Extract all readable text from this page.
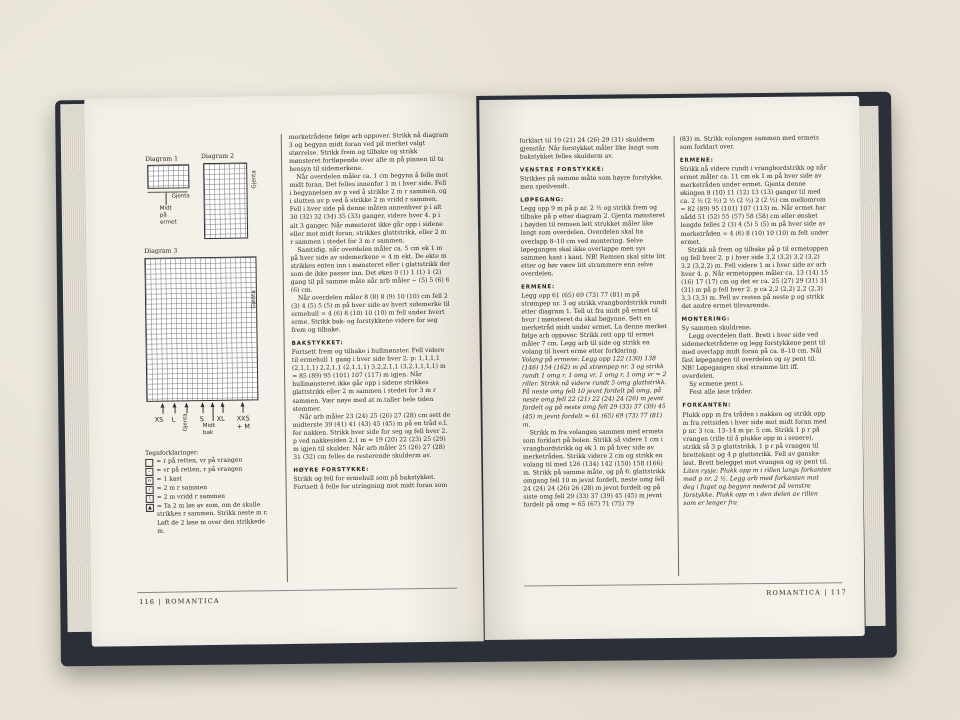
Diagram 1
Gjenta
Midt
på
ermet
Diagram 2
Gjenta
Diagram 3
Gjenta
XS L Gjenta S XL XXS
+ M
Midt
bak
Tegnforklaringer:
= r på retten, vr på vrangen
– = vr på retten, r på vrangen
o = 1 kast
/	= 2 m r sammen
\	= 2 m vridd r sammen
▲ = Ta 2 m løs av som, om de skulle strikkes r sammen. Strikk neste m r. Løft de 2 løse m over den strikkede m.

merketrådene følge arb oppover. Strikk nå diagram 3 og begynn midt foran ved pil merket valgt størrelse. Strikk frem og tilbake og strikk mønsteret fortløpende over alle m på pinnen til ta hensyn til sidemerkene.

Når overdelen måler ca. 1 cm begynn å felle mot midt foran. Det felles innenfor 1 m i hver side. Fell i begynnelsen av p ved å strikke 2 m r sammen, og i slutten av p ved å strikke 2 m vridd r sammen. Fell i hver side på denne måten annenhver p i alt 30 (32) 32 (34) 35 (33) ganger, videre hver 4. p i alt 3 ganger. Når mønsteret ikke går opp i sidene eller mot midt foran, strikkes glattstrikk, eller 2 m r sammen i stedet for 3 m r sammen.

Samtidig, når overdelen måler ca. 5 cm ek 1 m på hver side av sidemerkene = 4 m ekt. De ekte m strikkes enten inn i mønsteret eller i glattstrikk der som de ikke passer inn. Det økes 0 (1) 1 (1) 1 (2) gang til på samme måte når arb måler ~ (5) 5 (6) 6 (6) cm.

Når overdelen måler 8 (8) 8 (9) 10 (10) cm fell 2 (3) 4 (5) 5 (5) m på hver side av hvert sidemerke til ermehull = 4 (6) 8 (10) 10 (10) m fell under hvert erme. Strikk bak- og forstykkene videre for seg frem og tilbake.

BAKSTYKKET:

Fortsett frem og tilbake i hullmønster. Fell videre til ermehull 1 gang i hver side hver 2. p: 1,1,1,1 (2,1,1,1) 2,2,1,1 (2,1,1,1) 3,2,2,1,1 (3,2,1,1,1,1) m = 85 (89) 95 (101) 107 (117) m igjen. Når hullmønsteret ikke går opp i sidene strikkes glattstrikk eller 2 m sammen i stedet for 3 m r sammen. Vær nøye med at m.taller hele tiden stemmer.

Når arb måler 23 (24) 25 (26) 27 (28) cm sett de midterste 39 (41) 41 (43) 45 (45) m på en tråd e.l. for nakken. Strikk hver side for seg og fell hver 2. p ved nakkesiden 2,1 m = 19 (20) 22 (23) 25 (29) m igjen til skulder. Når arb måler 25 (26) 27 (28) 31 (32) cm felles de resterende skulderm av.

HØYRE FORSTYKKE:

Strikk og fell for ermehull som på bakstykket. Fortsett å felle for utringning mot midt foran som

116 | ROMANTICA

forklart til 19 (21) 24 (26) 29 (31) skulderm gjenstår. Når forstykket måler like langt som bakstykket felles skulderm av.

VENSTRE FORSTYKKE:

Strikkes på samme måte som høyre forstykke, men speilvendt.

LØPEGANG:

Legg opp 9 m på p nr. 2 ½ og strikk frem og tilbake på p etter diagram 2. Gjenta mønsteret i høyden til remsen lett strukket måler like langt som overdelen. Overdelen skal ha overlapp 8–10 cm ved montering. Selve løpegangen skal ikke overlappe men sys sammen kant i kant. NB! Remsen skal sitte litt etter og bør være litt strammere enn selve overdelen.

ERMENE:

Legg opp 61 (65) 69 (73) 77 (81) m på strømpep nr. 3 og strikk vrangbordstrikk rundt etter diagram 1. Tell ut fra midt på ermet til hvor i mønsteret du skal begynne. Sett en merketråd midt under ermet. La denne merket følge arb oppover. Strikk rett opp til ermet måler 7 cm. Legg arb til side og strikk en volang til hvert erme etter forklaring.

Volang på ermene: Legg opp 122 (130) 138 (146) 154 (162) m på strømpep nr. 3 og strikk rundt 1 omg r, 1 omg vr, 1 omg r, 1 omg vr = 2 riller. Strikk nå videre rundt 5 omg glattstrikk. På neste omg fell 10 jevnt fordelt på omg, på neste omg fell 22 (21) 22 (24) 24 (26) m jevnt fordelt og på neste omg fell 29 (33) 37 (39) 45 (45) m jevnt fordelt = 61 (65) 69 (73) 77 (81) m.

Strikk m fra volangen sammen med ermets som forklart på bolen. Strikk så videre 1 cm i vrangbordstrikk og ek 1 m på hver side av merketråden. Strikk videre 2 cm og strikk en volang til med 126 (134) 142 (150) 158 (166) m. Strikk på samme måte, og på 6. glattstrikk omgang fell 10 m jevnt fordelt, neste omg fell 24 (24) 24 (26) 26 (28) m jevnt fordelt og på siste omg fell 29 (33) 37 (39) 45 (45) m jevnt fordelt på omg = 65 (67) 71 (75) 79

(83) m. Strikk volangen sammen med ermets som forklart over.

ERMENE:

Strikk nå videre rundt i vrangbordstrikk og når ermet måler ca. 11 cm ek 1 m på hver side av merketråden under ermet. Gjenta denne økingen 8 (10) 11 (12) 13 (13) ganger til med ca. 2 ½ (2 ½) 2 ½ (2 ½) 2 (2 ½) cm mellomrom = 82 (89) 95 (101) 107 (113) m. Når ermet har nådd 51 (52) 55 (57) 58 (58) cm eller ønsket lengde felles 2 (3) 4 (5) 5 (5) m på hver side av merketråden = 4 (6) 8 (10) 10 (10) m felt under ermet.

Strikk nå frem og tilbake på p til ermetoppen og fell hver 2. p i hver side 3,2 (3,2) 3,2 (3,2) 3,2 (3,2,2) m. Fell videre 1 m i hver side av arb hver 4. p. Når ermetoppen måler ca. 13 (14) 15 (16) 17 (17) cm og det er ca. 25 (27) 29 (31) 31 (31) m på p fell hver 2. p ca 2,2 (2,2) 2,2 (2,3) 3,3 (3,3) m. Fell av resten på neste p og strikk det andre ermet tilsvarende.

MONTERING:

Sy sammen skuldrene.

Legg overdelen flatt. Brett i hver side ved sidemerketrådene og legg forstykkene pent til med overlapp midt foran på ca. 8–10 cm. Nål fast løpegangen til overdelen og sy pent til. NB! Løpegangen skal stramme litt iﬀ. overdelen.

Sy ermene pent i.

Fest alle løse tråder.

FORKANTEN:

Plukk opp m fra tråden i nakken og strikk opp m fra rettsiden i hver side mot midt foran med p nr. 3 (ca. 13–14 m pr. 5 cm. Strikk 1 p r på vrangen (rille til å plukke opp m i senere), strikk så 3 p glattstrikk, 1 p r på vrangen til brettekant og 4 p glattstrikk. Fell av ganske løst. Brett belegget mot vrangen og sy pent til.

Liten rysje: Plukk opp m i rillen langs forkanten med p nr. 2 ½. Legg arb med forkanten mot deg i fuget og begynn nederst på venstre forstykke. Plukk opp m i den delen av rillen som er lenger fra

ROMANTICA | 117
